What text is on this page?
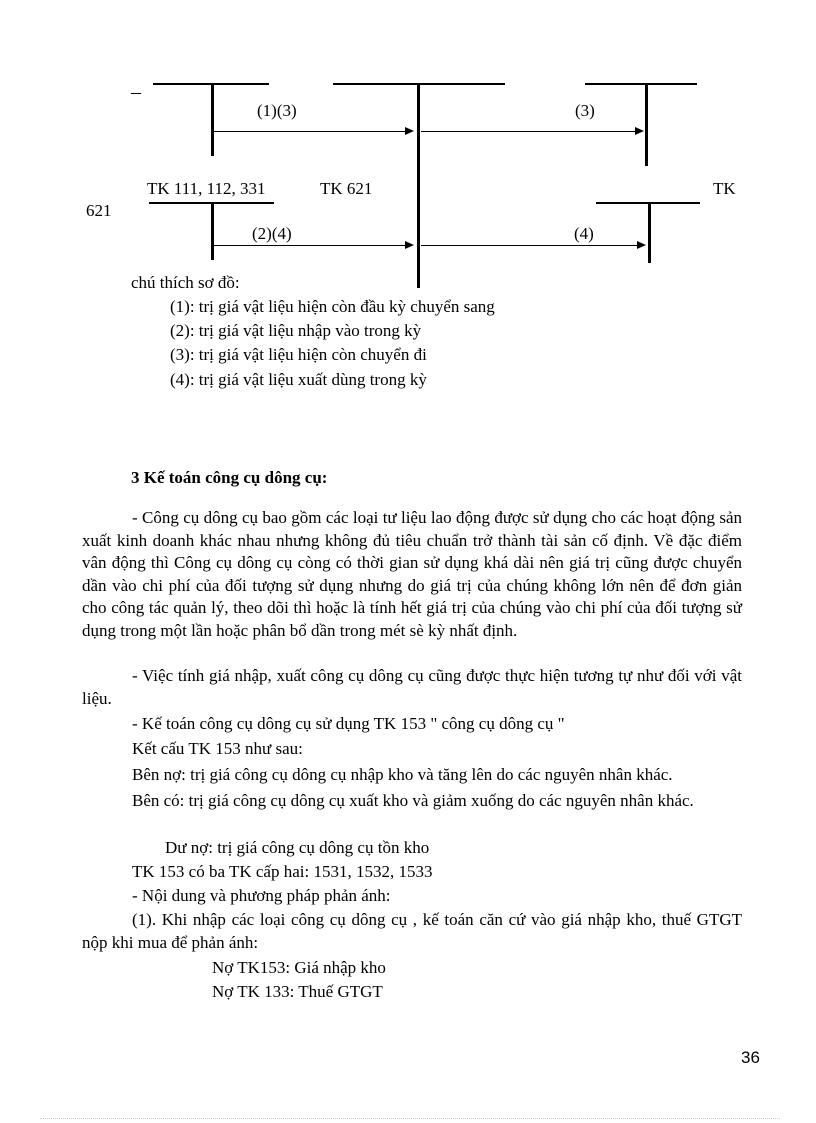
–
(1)(3)	(3)
TK 111, 112, 331	TK 621	TK
621
(2)(4)	(4)
chú thích sơ đồ:
(1): trị giá vật liệu hiện còn đầu kỳ chuyển sang
(2): trị giá vật liệu nhập vào trong kỳ
(3): trị giá vật liệu hiện còn chuyển đi
(4): trị giá vật liệu xuất dùng trong kỳ
3 Kế toán công cụ dông cụ:
- Công cụ dông cụ bao gồm các loại tư liệu lao động được sử dụng cho các hoạt động sản xuất kinh doanh khác nhau nhưng không đủ tiêu chuẩn trở thành tài sản cố định. Về đặc điểm vân động thì Công cụ dông cụ còng có thời gian sử dụng khá dài nên giá trị cũng được chuyển dần vào chi phí của đối tượng sử dụng nhưng do giá trị của chúng không lớn nên để đơn giản cho công tác quản lý, theo dõi thì hoặc là tính hết giá trị của chúng vào chi phí của đối tượng sử dụng trong một lần hoặc phân bổ dần trong mét sè kỳ nhất định.
- Việc tính giá nhập, xuất công cụ dông cụ cũng được thực hiện tương tự như đối với vật liệu.
- Kế toán công cụ dông cụ sử dụng TK 153 " công cụ dông cụ "
Kết cấu TK 153 như sau:
Bên nợ: trị giá công cụ dông cụ nhập kho và tăng lên do các nguyên nhân khác.
Bên có: trị giá công cụ dông cụ xuất kho và giảm xuống do các nguyên nhân khác.
Dư nợ: trị giá công cụ dông cụ tồn kho
TK 153 có ba TK cấp hai: 1531, 1532, 1533
- Nội dung và phương pháp phản ánh:
(1). Khi nhập các loại công cụ dông cụ , kế toán căn cứ vào giá nhập kho, thuế GTGT nộp khi mua để phản ánh:
Nợ TK153: Giá nhập kho
Nợ TK 133: Thuế GTGT
36
